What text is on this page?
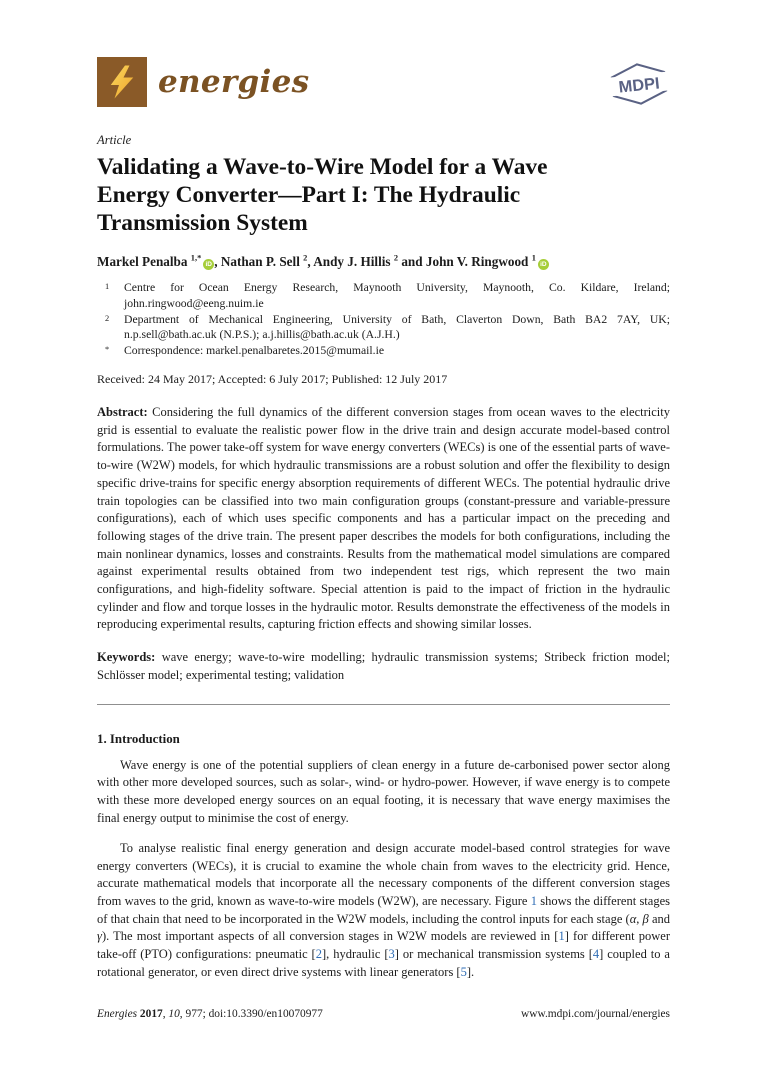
energies	MDPI
Article
Validating a Wave-to-Wire Model for a Wave Energy Converter—Part I: The Hydraulic Transmission System
Markel Penalba $^{1,*}$iD , Nathan P. Sell $^2$, Andy J. Hillis $^2$ and John V. Ringwood $^1$iD
1	Centre for Ocean Energy Research, Maynooth University, Maynooth, Co. Kildare, Ireland; john.ringwood@eeng.nuim.ie
2	Department of Mechanical Engineering, University of Bath, Claverton Down, Bath BA2 7AY, UK; n.p.sell@bath.ac.uk (N.P.S.); a.j.hillis@bath.ac.uk (A.J.H.)
*	Correspondence: markel.penalbaretes.2015@mumail.ie
Received: 24 May 2017; Accepted: 6 July 2017; Published: 12 July 2017
Abstract: Considering the full dynamics of the different conversion stages from ocean waves to the electricity grid is essential to evaluate the realistic power flow in the drive train and design accurate model-based control formulations. The power take-off system for wave energy converters (WECs) is one of the essential parts of wave-to-wire (W2W) models, for which hydraulic transmissions are a robust solution and offer the flexibility to design specific drive-trains for specific energy absorption requirements of different WECs. The potential hydraulic drive train topologies can be classified into two main configuration groups (constant-pressure and variable-pressure configurations), each of which uses specific components and has a particular impact on the preceding and following stages of the drive train. The present paper describes the models for both configurations, including the main nonlinear dynamics, losses and constraints. Results from the mathematical model simulations are compared against experimental results obtained from two independent test rigs, which represent the two main configurations, and high-fidelity software. Special attention is paid to the impact of friction in the hydraulic cylinder and flow and torque losses in the hydraulic motor. Results demonstrate the effectiveness of the models in reproducing experimental results, capturing friction effects and showing similar losses.
Keywords: wave energy; wave-to-wire modelling; hydraulic transmission systems; Stribeck friction model; Schlösser model; experimental testing; validation
1. Introduction

Wave energy is one of the potential suppliers of clean energy in a future de-carbonised power sector along with other more developed sources, such as solar-, wind- or hydro-power. However, if wave energy is to compete with these more developed energy sources on an equal footing, it is necessary that wave energy maximises the final energy output to minimise the cost of energy.

To analyse realistic final energy generation and design accurate model-based control strategies for wave energy converters (WECs), it is crucial to examine the whole chain from waves to the electricity grid. Hence, accurate mathematical models that incorporate all the necessary components of the different conversion stages from waves to the grid, known as wave-to-wire models (W2W), are necessary. Figure 1 shows the different stages of that chain that need to be incorporated in the W2W models, including the control inputs for each stage (α, β and γ). The most important aspects of all conversion stages in W2W models are reviewed in [1] for different power take-off (PTO) configurations: pneumatic [2], hydraulic [3] or mechanical transmission systems [4] coupled to a rotational generator, or even direct drive systems with linear generators [5].

Energies 2017, 10, 977; doi:10.3390/en10070977	www.mdpi.com/journal/energies
